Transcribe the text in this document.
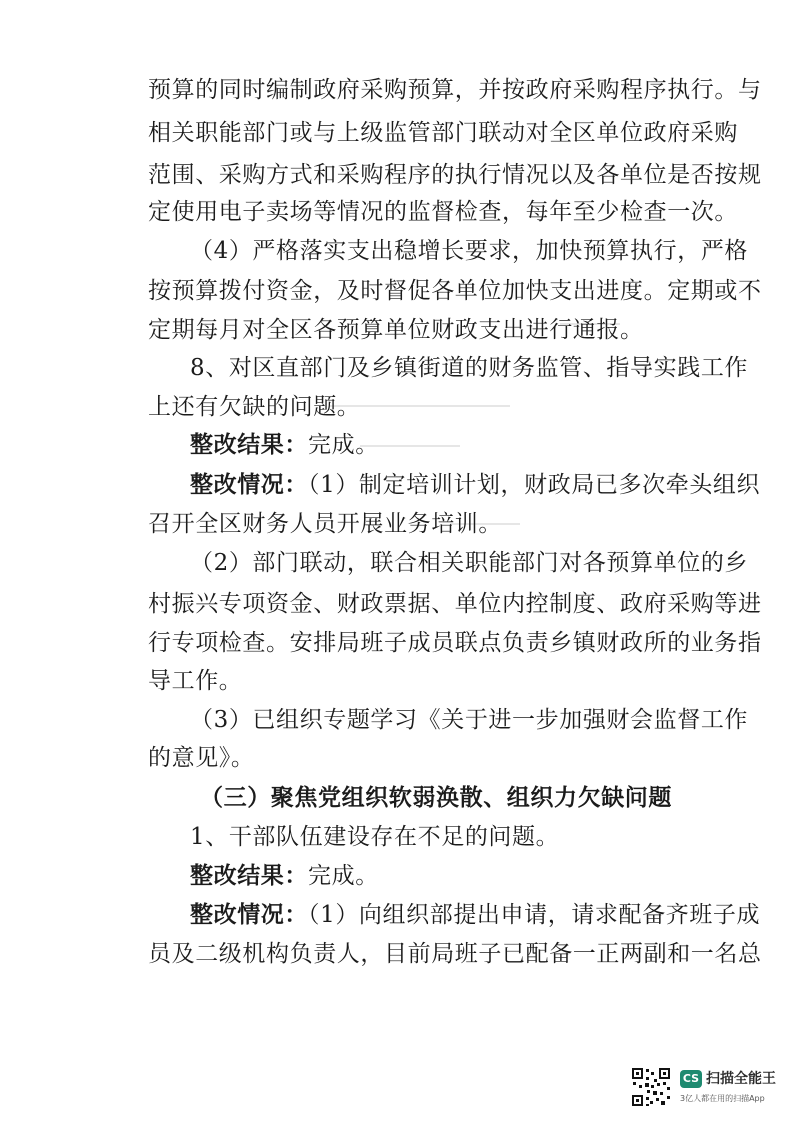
预算的同时编制政府采购预算，并按政府采购程序执行。与
相关职能部门或与上级监管部门联动对全区单位政府采购
范围、采购方式和采购程序的执行情况以及各单位是否按规
定使用电子卖场等情况的监督检查，每年至少检查一次。
（4）严格落实支出稳增长要求，加快预算执行，严格
按预算拨付资金，及时督促各单位加快支出进度。定期或不
定期每月对全区各预算单位财政支出进行通报。
8、对区直部门及乡镇街道的财务监管、指导实践工作
上还有欠缺的问题。
整改结果：完成。
整改情况：（1）制定培训计划，财政局已多次牵头组织
召开全区财务人员开展业务培训。
（2）部门联动，联合相关职能部门对各预算单位的乡
村振兴专项资金、财政票据、单位内控制度、政府采购等进
行专项检查。安排局班子成员联点负责乡镇财政所的业务指
导工作。
（3）已组织专题学习《关于进一步加强财会监督工作
的意见》。
（三）聚焦党组织软弱涣散、组织力欠缺问题
1、干部队伍建设存在不足的问题。
整改结果：完成。
整改情况：（1）向组织部提出申请，请求配备齐班子成
员及二级机构负责人，目前局班子已配备一正两副和一名总
CS 扫描全能王
3亿人都在用的扫描App
